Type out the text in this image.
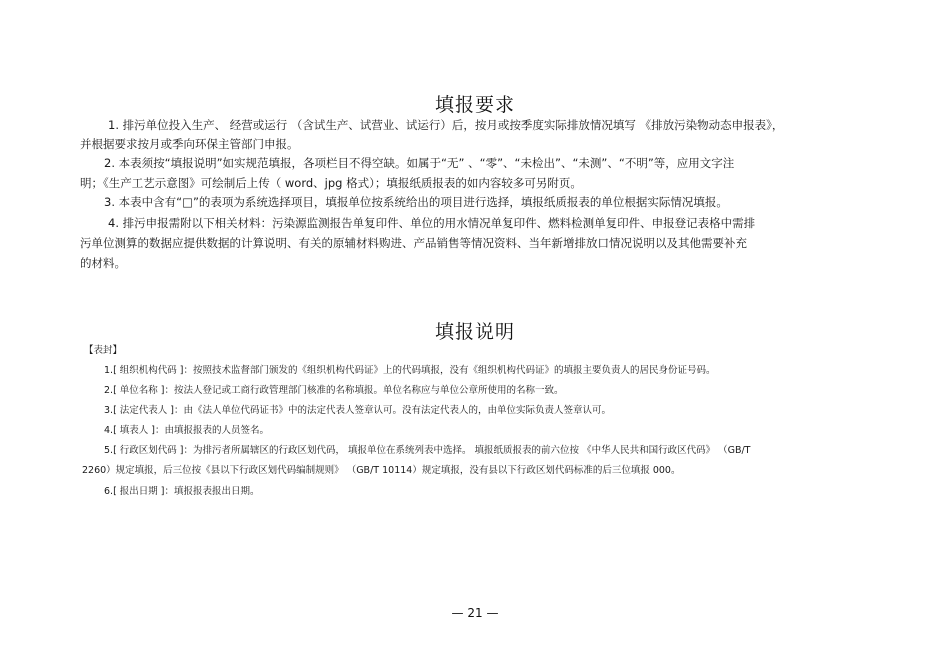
填报要求
1. 排污单位投入生产、 经营或运行 （含试生产、试营业、试运行）后，按月或按季度实际排放情况填写 《排放污染物动态申报表》，
并根据要求按月或季向环保主管部门申报。
2. 本表须按“填报说明”如实规范填报，各项栏目不得空缺。如属于“无” 、“零”、“未检出”、“未测”、“不明”等，应用文字注
明；《生产工艺示意图》可绘制后上传（ word、jpg 格式）；填报纸质报表的如内容较多可另附页。
3. 本表中含有“□”的表项为系统选择项目，填报单位按系统给出的项目进行选择，填报纸质报表的单位根据实际情况填报。
4. 排污申报需附以下相关材料：污染源监测报告单复印件、单位的用水情况单复印件、燃料检测单复印件、申报登记表格中需排
污单位测算的数据应提供数据的计算说明、有关的原辅材料购进、产品销售等情况资料、当年新增排放口情况说明以及其他需要补充
的材料。
填报说明
【表封】
1.[ 组织机构代码 ]：按照技术监督部门颁发的《组织机构代码证》上的代码填报，没有《组织机构代码证》的填报主要负责人的居民身份证号码。
2.[ 单位名称 ]：按法人登记或工商行政管理部门核准的名称填报。单位名称应与单位公章所使用的名称一致。
3.[ 法定代表人 ]：由《法人单位代码证书》中的法定代表人签章认可。没有法定代表人的，由单位实际负责人签章认可。
4.[ 填表人 ]：由填报报表的人员签名。
5.[ 行政区划代码 ]：为排污者所属辖区的行政区划代码， 填报单位在系统列表中选择。 填报纸质报表的前六位按 《中华人民共和国行政区代码》 （GB/T
2260）规定填报，后三位按《县以下行政区划代码编制规则》 （GB/T 10114）规定填报，没有县以下行政区划代码标准的后三位填报 000。
6.[ 报出日期 ]：填报报表报出日期。
— 21 —
